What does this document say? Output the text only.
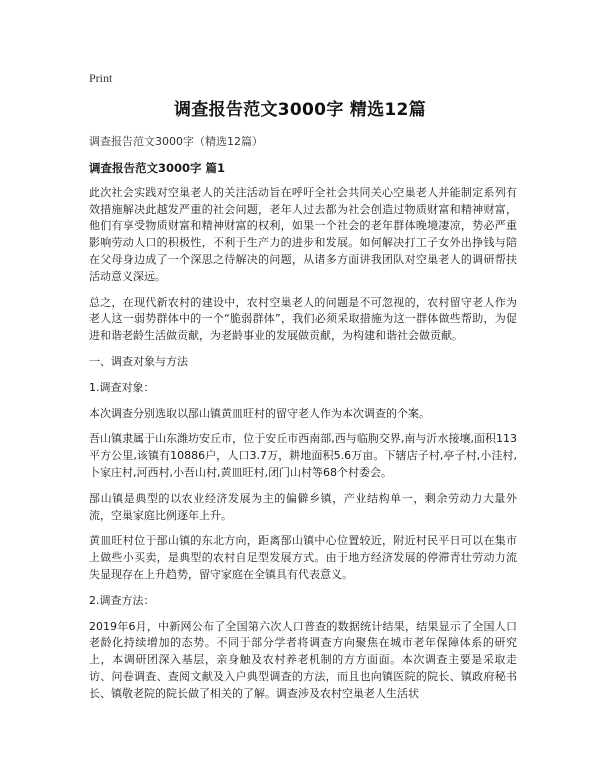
Print
调查报告范文3000字 精选12篇
调查报告范文3000字（精选12篇）
调查报告范文3000字 篇1

此次社会实践对空巢老人的关注活动旨在呼吁全社会共同关心空巢老人并能制定系列有效措施解决此越发严重的社会问题，老年人过去都为社会创造过物质财富和精神财富，他们有享受物质财富和精神财富的权利，如果一个社会的老年群体晚境凄凉，势必严重影响劳动人口的积极性，不利于生产力的进步和发展。如何解决打工子女外出挣钱与陪在父母身边成了一个深思之待解决的问题，从诸多方面讲我团队对空巢老人的调研帮扶活动意义深远。

总之，在现代新农村的建设中，农村空巢老人的问题是不可忽视的，农村留守老人作为老人这一弱势群体中的一个“脆弱群体”，我们必须采取措施为这一群体做些帮助，为促进和谐老龄生活做贡献，为老龄事业的发展做贡献，为构建和谐社会做贡献。

一、调查对象与方法

1.调查对象：

本次调查分别选取以郚山镇黄皿旺村的留守老人作为本次调查的个案。

吾山镇隶属于山东潍坊安丘市，位于安丘市西南部,西与临朐交界,南与沂水接壤,面积113平方公里,该镇有10886户，人口3.7万，耕地面积5.6万亩。下辖店子村,亭子村,小洼村,卜家庄村,河西村,小吾山村,黄皿旺村,闭门山村等68个村委会。

郚山镇是典型的以农业经济发展为主的偏僻乡镇，产业结构单一，剩余劳动力大量外流，空巢家庭比例逐年上升。

黄皿旺村位于郚山镇的东北方向，距离郚山镇中心位置较近，附近村民平日可以在集市上做些小买卖，是典型的农村自足型发展方式。由于地方经济发展的停滞青壮劳动力流失显现存在上升趋势，留守家庭在全镇具有代表意义。

2.调查方法：

2019年6月，中新网公布了全国第六次人口普查的数据统计结果，结果显示了全国人口老龄化持续增加的态势。不同于部分学者将调查方向聚焦在城市老年保障体系的研究上，本调研团深入基层，亲身触及农村养老机制的方方面面。本次调查主要是采取走访、问卷调查、查阅文献及入户典型调查的方法，而且也向镇医院的院长、镇政府秘书长、镇敬老院的院长做了相关的了解。调查涉及农村空巢老人生活状
